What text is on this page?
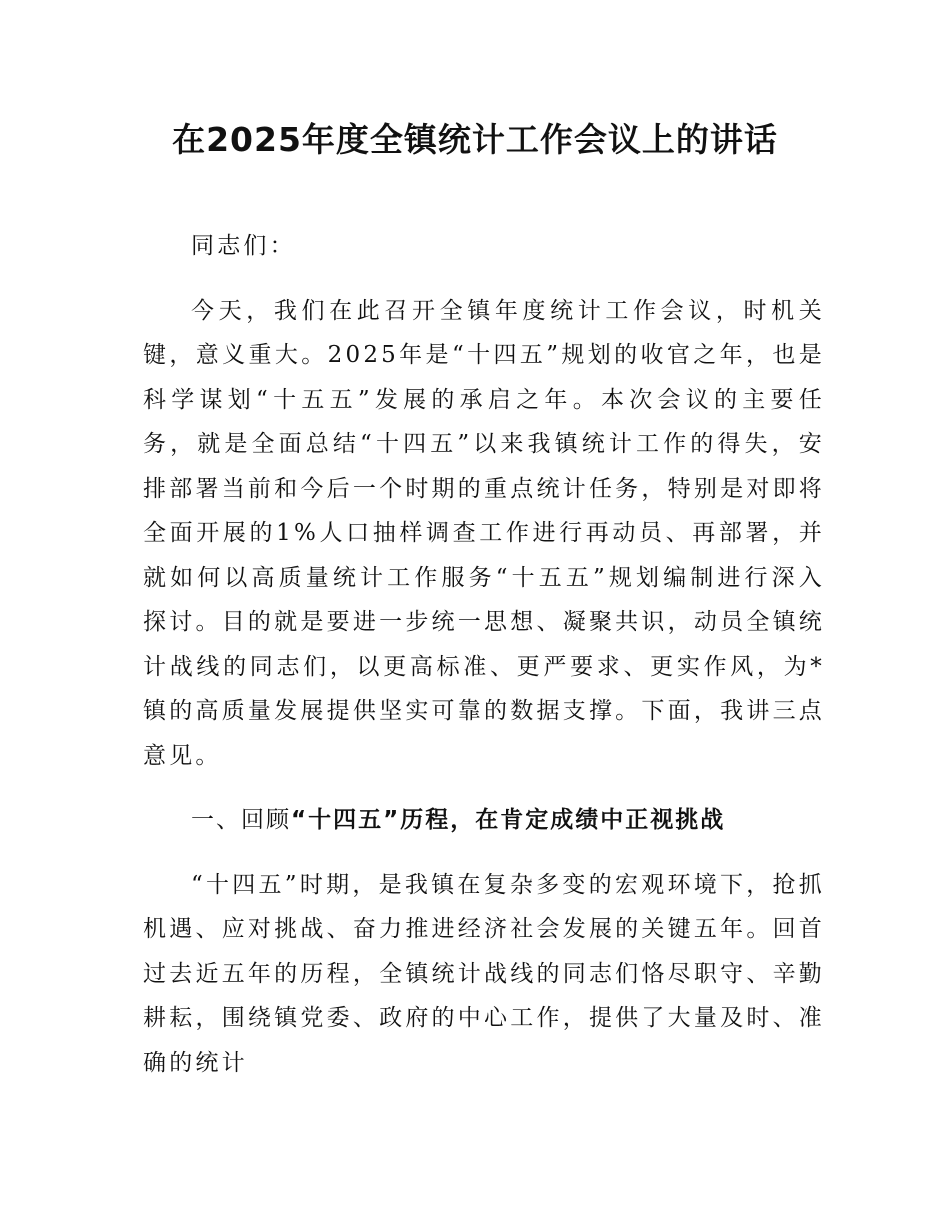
在2025年度全镇统计工作会议上的讲话

同志们：

今天，我们在此召开全镇年度统计工作会议，时机关键，意义重大。2025年是“十四五”规划的收官之年，也是科学谋划“十五五”发展的承启之年。本次会议的主要任务，就是全面总结“十四五”以来我镇统计工作的得失，安排部署当前和今后一个时期的重点统计任务，特别是对即将全面开展的1%人口抽样调查工作进行再动员、再部署，并就如何以高质量统计工作服务“十五五”规划编制进行深入探讨。目的就是要进一步统一思想、凝聚共识，动员全镇统计战线的同志们，以更高标准、更严要求、更实作风，为*镇的高质量发展提供坚实可靠的数据支撑。下面，我讲三点意见。

一、回顾“十四五”历程，在肯定成绩中正视挑战

“十四五”时期，是我镇在复杂多变的宏观环境下，抢抓机遇、应对挑战、奋力推进经济社会发展的关键五年。回首过去近五年的历程，全镇统计战线的同志们恪尽职守、辛勤耕耘，围绕镇党委、政府的中心工作，提供了大量及时、准确的统计
